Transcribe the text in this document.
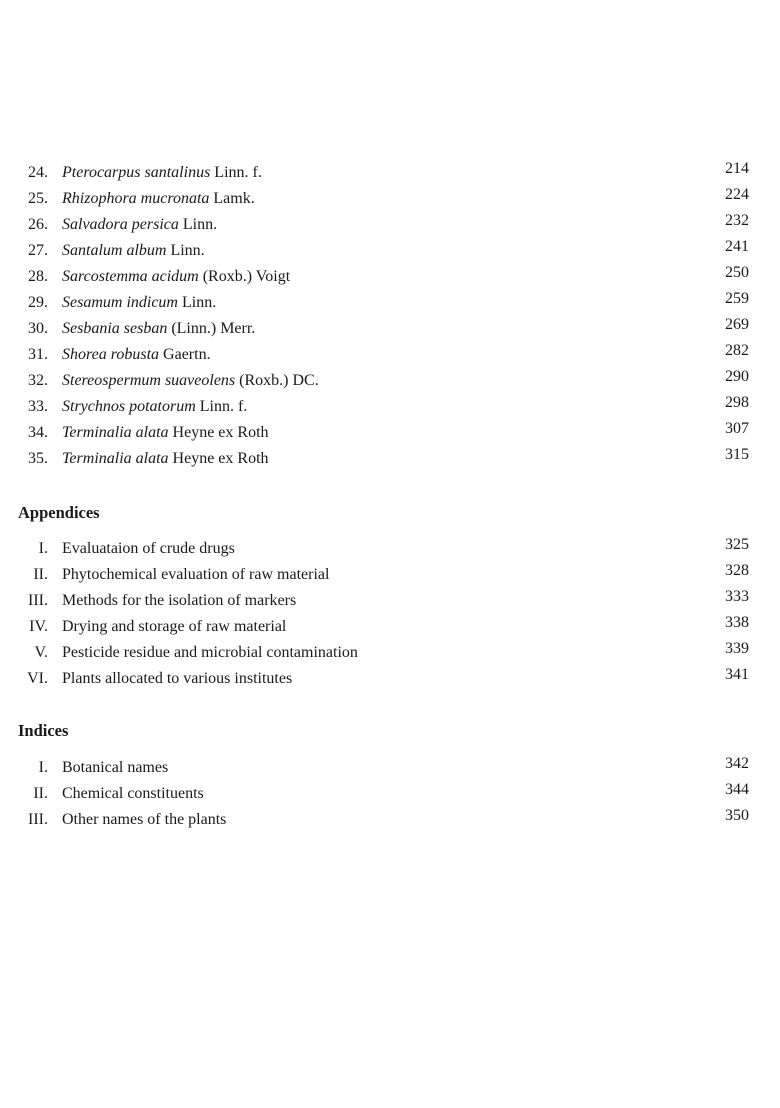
24. Pterocarpus santalinus Linn. f.	214
25. Rhizophora mucronata Lamk.	224
26. Salvadora persica Linn.	232
27. Santalum album Linn.	241
28. Sarcostemma acidum (Roxb.) Voigt	250
29. Sesamum indicum Linn.	259
30. Sesbania sesban (Linn.) Merr.	269
31. Shorea robusta Gaertn.	282
32. Stereospermum suaveolens (Roxb.) DC.	290
33. Strychnos potatorum Linn. f.	298
34. Terminalia alata Heyne ex Roth	307
35. Terminalia alata Heyne ex Roth	315
Appendices
I. Evaluataion of crude drugs	325
II. Phytochemical evaluation of raw material	328
III. Methods for the isolation of markers	333
IV. Drying and storage of raw material	338
V. Pesticide residue and microbial contamination	339
VI. Plants allocated to various institutes	341
Indices
I. Botanical names	342
II. Chemical constituents	344
III. Other names of the plants	350
